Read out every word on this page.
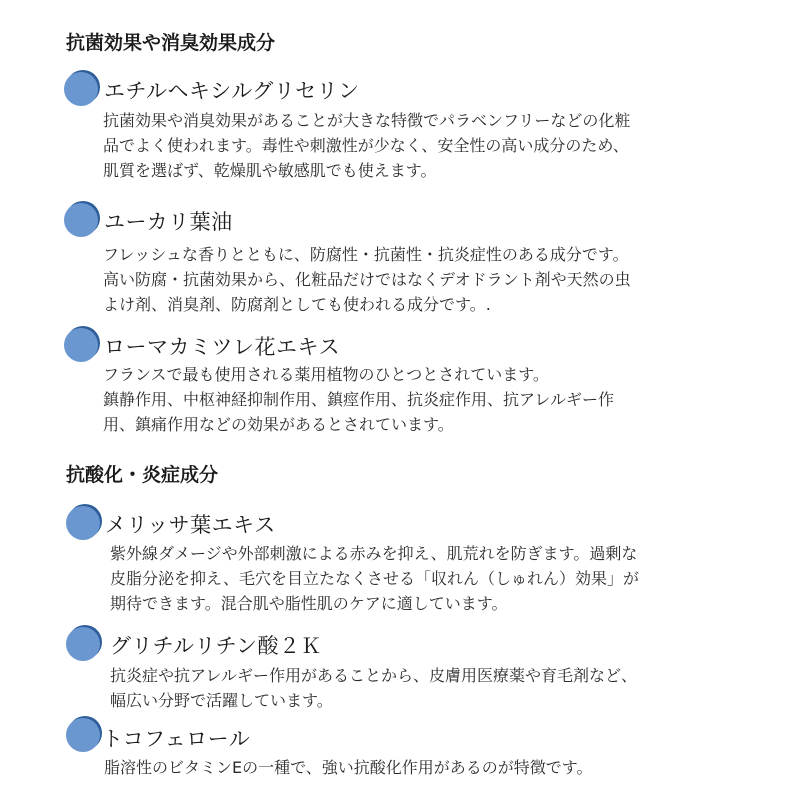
抗菌効果や消臭効果成分
エチルヘキシルグリセリン
抗菌効果や消臭効果があることが大きな特徴でパラベンフリーなどの化粧
品でよく使われます。毒性や刺激性が少なく、安全性の高い成分のため、
肌質を選ばず、乾燥肌や敏感肌でも使えます。
ユーカリ葉油
フレッシュな香りとともに、防腐性・抗菌性・抗炎症性のある成分です。
高い防腐・抗菌効果から、化粧品だけではなくデオドラント剤や天然の虫
よけ剤、消臭剤、防腐剤としても使われる成分です。.
ローマカミツレ花エキス
フランスで最も使用される薬用植物のひとつとされています。
鎮静作用、中枢神経抑制作用、鎮痙作用、抗炎症作用、抗アレルギー作
用、鎮痛作用などの効果があるとされています。
抗酸化・炎症成分
メリッサ葉エキス
紫外線ダメージや外部刺激による赤みを抑え、肌荒れを防ぎます。過剰な
皮脂分泌を抑え、毛穴を目立たなくさせる「収れん（しゅれん）効果」が
期待できます。混合肌や脂性肌のケアに適しています。
グリチルリチン酸２Ｋ
抗炎症や抗アレルギー作用があることから、皮膚用医療薬や育毛剤など、
幅広い分野で活躍しています。
トコフェロール
脂溶性のビタミンEの一種で、強い抗酸化作用があるのが特徴です。
